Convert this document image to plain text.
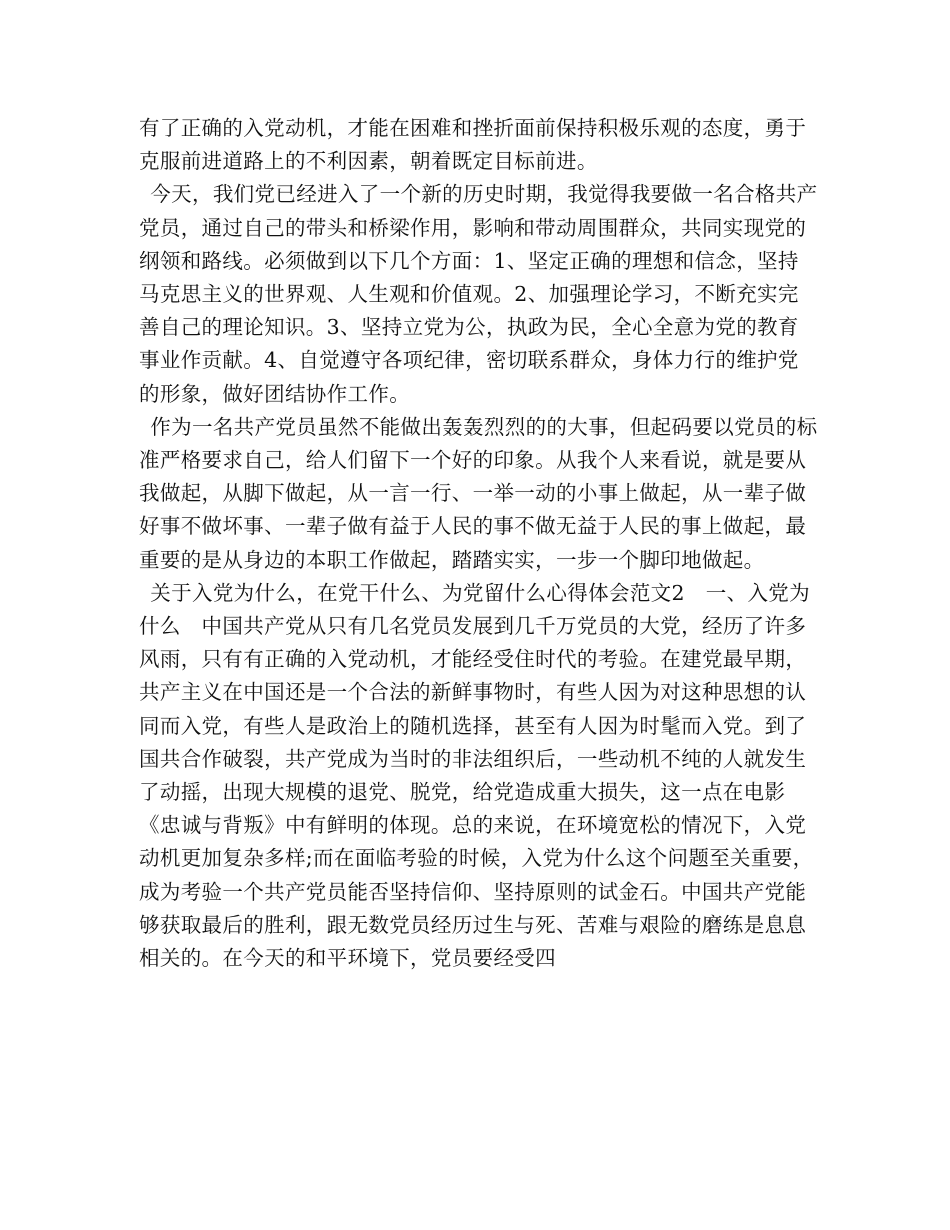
有了正确的入党动机，才能在困难和挫折面前保持积极乐观的态度，勇于克服前进道路上的不利因素，朝着既定目标前进。

今天，我们党已经进入了一个新的历史时期，我觉得我要做一名合格共产党员，通过自己的带头和桥梁作用，影响和带动周围群众，共同实现党的纲领和路线。必须做到以下几个方面：1、坚定正确的理想和信念，坚持马克思主义的世界观、人生观和价值观。2、加强理论学习，不断充实完善自己的理论知识。3、坚持立党为公，执政为民，全心全意为党的教育事业作贡献。4、自觉遵守各项纪律，密切联系群众，身体力行的维护党的形象，做好团结协作工作。

作为一名共产党员虽然不能做出轰轰烈烈的的大事，但起码要以党员的标准严格要求自己，给人们留下一个好的印象。从我个人来看说，就是要从我做起，从脚下做起，从一言一行、一举一动的小事上做起，从一辈子做好事不做坏事、一辈子做有益于人民的事不做无益于人民的事上做起，最重要的是从身边的本职工作做起，踏踏实实，一步一个脚印地做起。

关于入党为什么，在党干什么、为党留什么心得体会范文2　一、入党为什么　中国共产党从只有几名党员发展到几千万党员的大党，经历了许多风雨，只有有正确的入党动机，才能经受住时代的考验。在建党最早期，共产主义在中国还是一个合法的新鲜事物时，有些人因为对这种思想的认同而入党，有些人是政治上的随机选择，甚至有人因为时髦而入党。到了国共合作破裂，共产党成为当时的非法组织后，一些动机不纯的人就发生了动摇，出现大规模的退党、脱党，给党造成重大损失，这一点在电影《忠诚与背叛》中有鲜明的体现。总的来说，在环境宽松的情况下，入党动机更加复杂多样;而在面临考验的时候，入党为什么这个问题至关重要，成为考验一个共产党员能否坚持信仰、坚持原则的试金石。中国共产党能够获取最后的胜利，跟无数党员经历过生与死、苦难与艰险的磨练是息息相关的。在今天的和平环境下，党员要经受四
